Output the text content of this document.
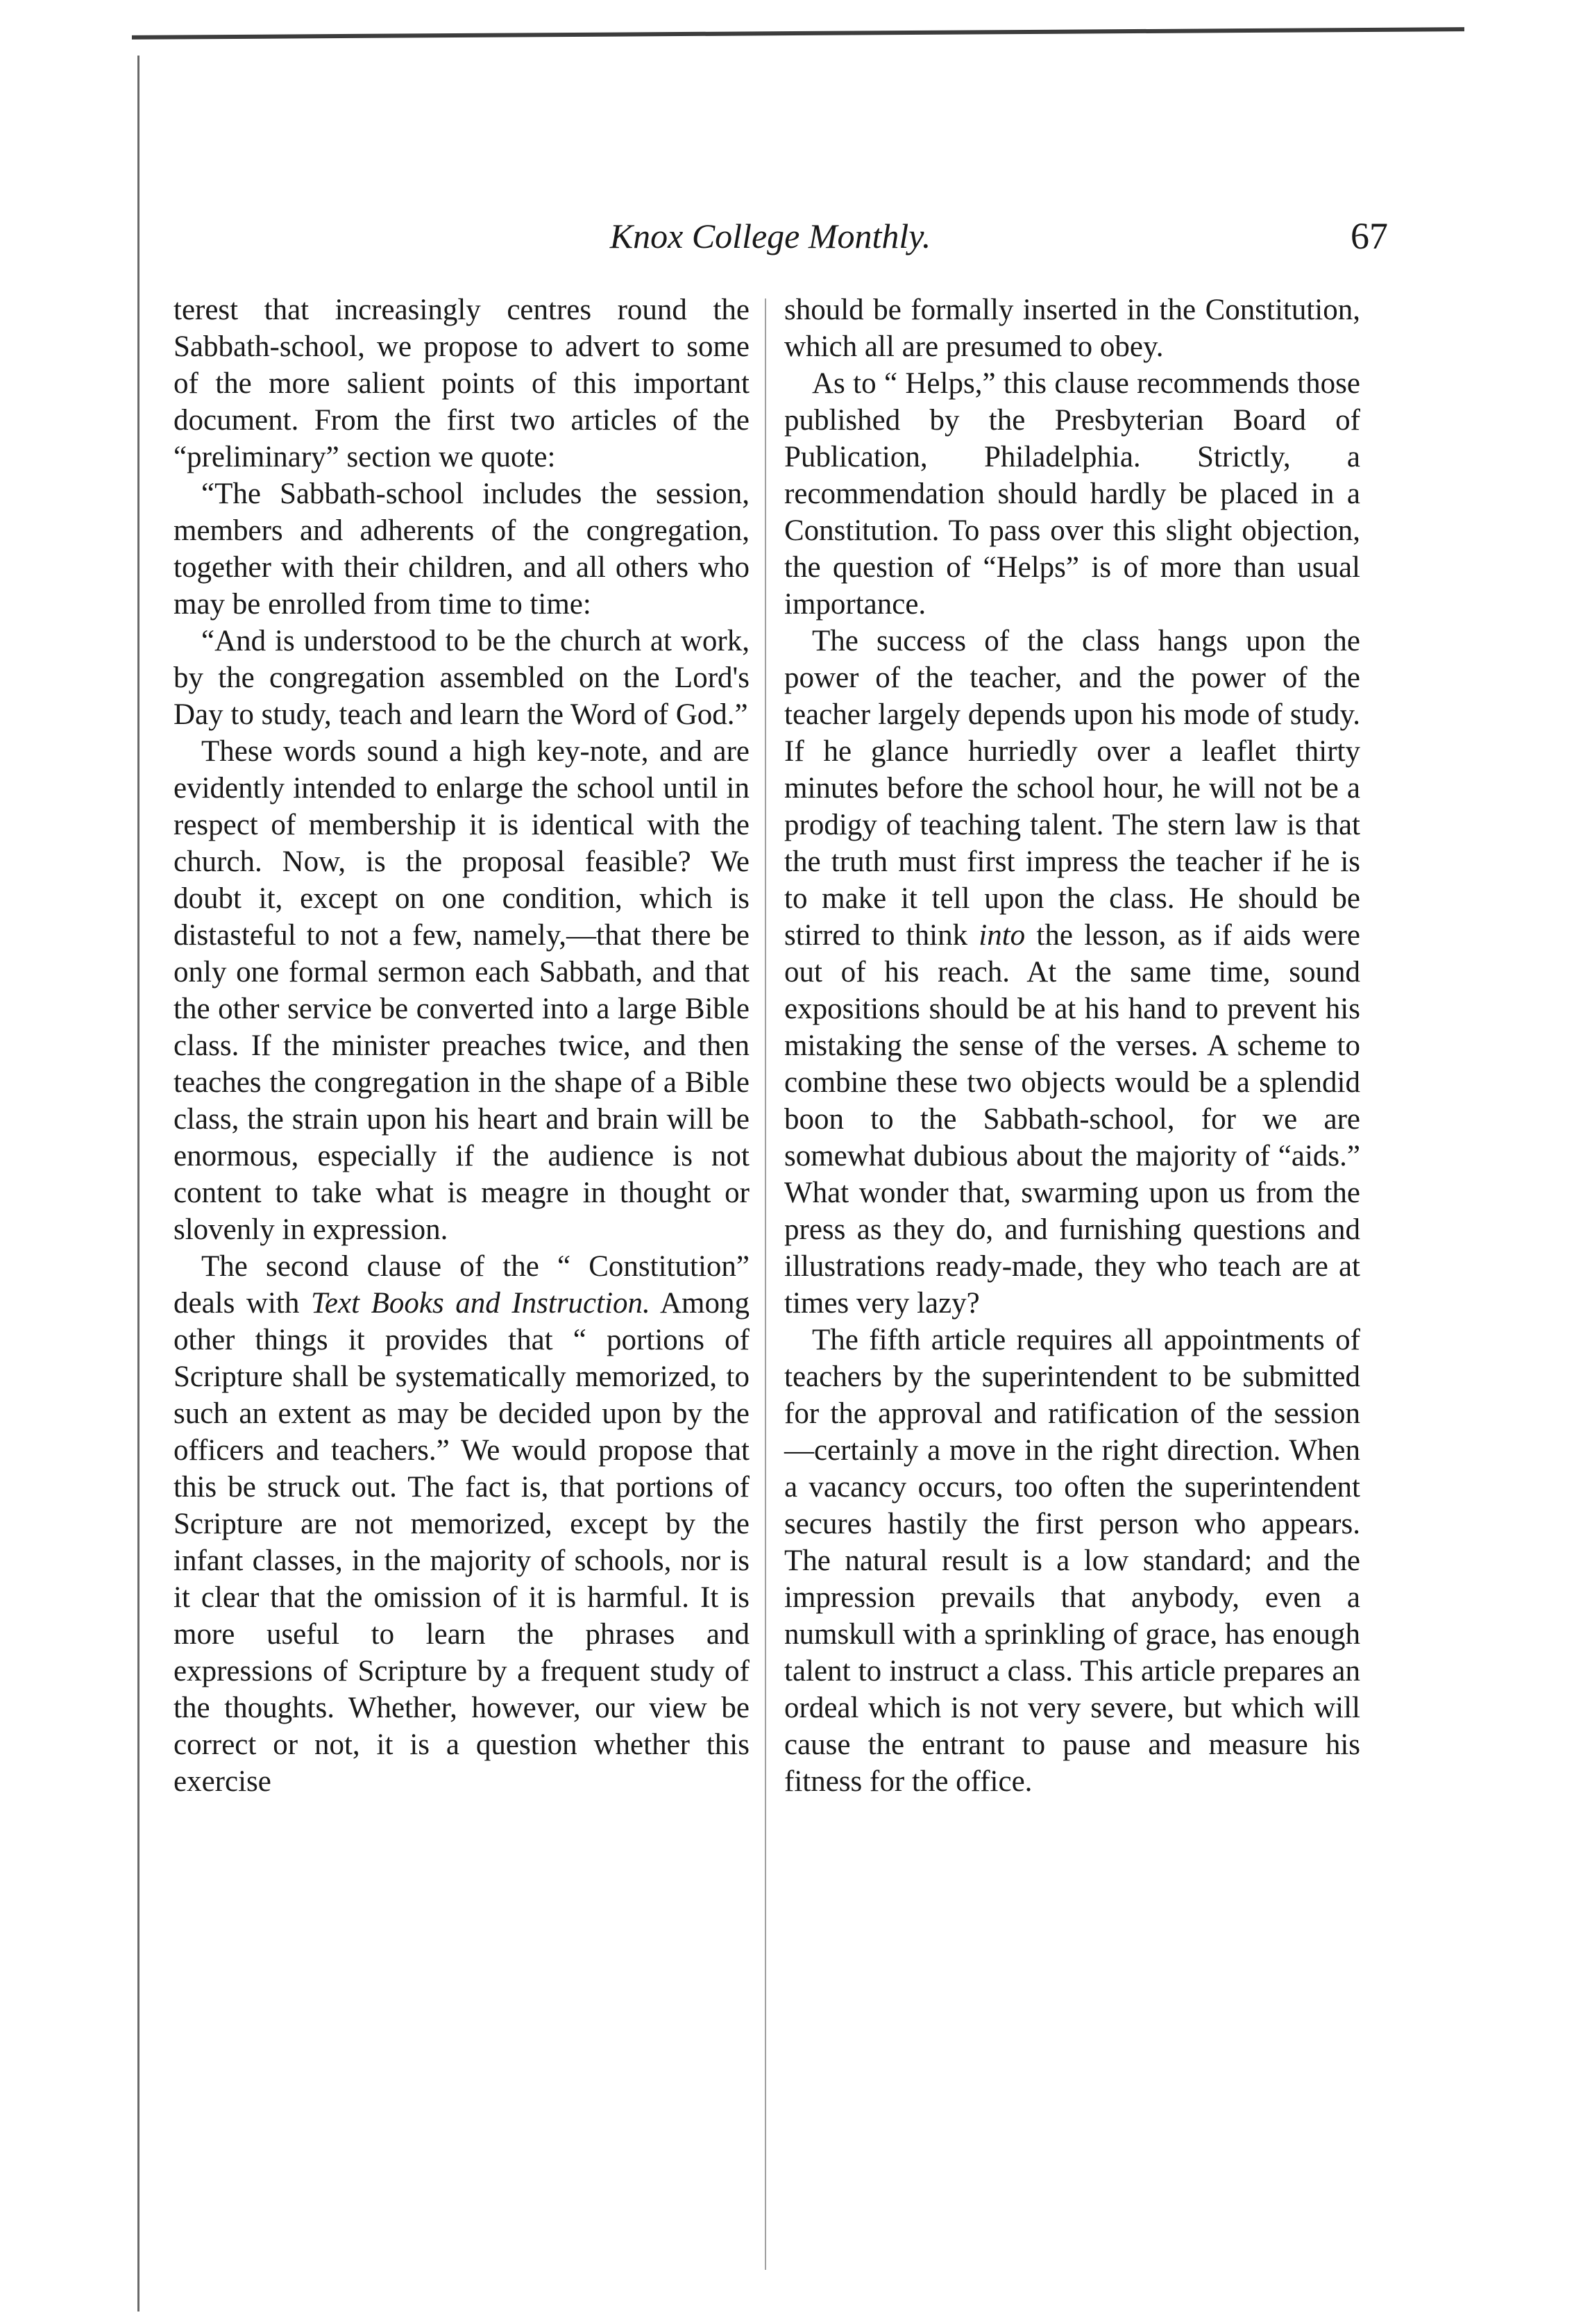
Knox College Monthly.	67

terest that increasingly centres round the Sabbath-school, we propose to advert to some of the more salient points of this important document. From the first two articles of the “preliminary” section we quote:

“The Sabbath-school includes the session, members and adherents of the congregation, together with their children, and all others who may be enrolled from time to time:

“And is understood to be the church at work, by the congregation assembled on the Lord's Day to study, teach and learn the Word of God.”

These words sound a high key-note, and are evidently intended to enlarge the school until in respect of membership it is identical with the church. Now, is the proposal feasible? We doubt it, except on one condition, which is distasteful to not a few, namely,—that there be only one formal sermon each Sabbath, and that the other service be converted into a large Bible class. If the minister preaches twice, and then teaches the congregation in the shape of a Bible class, the strain upon his heart and brain will be enormous, especially if the audience is not content to take what is meagre in thought or slovenly in expression.

The second clause of the “ Constitution” deals with Text Books and Instruction. Among other things it provides that “ portions of Scripture shall be systematically memorized, to such an extent as may be decided upon by the officers and teachers.” We would propose that this be struck out. The fact is, that portions of Scripture are not memorized, except by the infant classes, in the majority of schools, nor is it clear that the omission of it is harmful. It is more useful to learn the phrases and expressions of Scripture by a frequent study of the thoughts. Whether, however, our view be correct or not, it is a question whether this exercise

should be formally inserted in the Constitution, which all are presumed to obey.

As to “ Helps,” this clause recommends those published by the Presbyterian Board of Publication, Philadelphia. Strictly, a recommendation should hardly be placed in a Constitution. To pass over this slight objection, the question of “Helps” is of more than usual importance.

The success of the class hangs upon the power of the teacher, and the power of the teacher largely depends upon his mode of study. If he glance hurriedly over a leaflet thirty minutes before the school hour, he will not be a prodigy of teaching talent. The stern law is that the truth must first impress the teacher if he is to make it tell upon the class. He should be stirred to think into the lesson, as if aids were out of his reach. At the same time, sound expositions should be at his hand to prevent his mistaking the sense of the verses. A scheme to combine these two objects would be a splendid boon to the Sabbath-school, for we are somewhat dubious about the majority of “aids.” What wonder that, swarming upon us from the press as they do, and furnishing questions and illustrations ready-made, they who teach are at times very lazy?

The fifth article requires all appointments of teachers by the superintendent to be submitted for the approval and ratification of the session—certainly a move in the right direction. When a vacancy occurs, too often the superintendent secures hastily the first person who appears. The natural result is a low standard; and the impression prevails that anybody, even a numskull with a sprinkling of grace, has enough talent to instruct a class. This article prepares an ordeal which is not very severe, but which will cause the entrant to pause and measure his fitness for the office.
